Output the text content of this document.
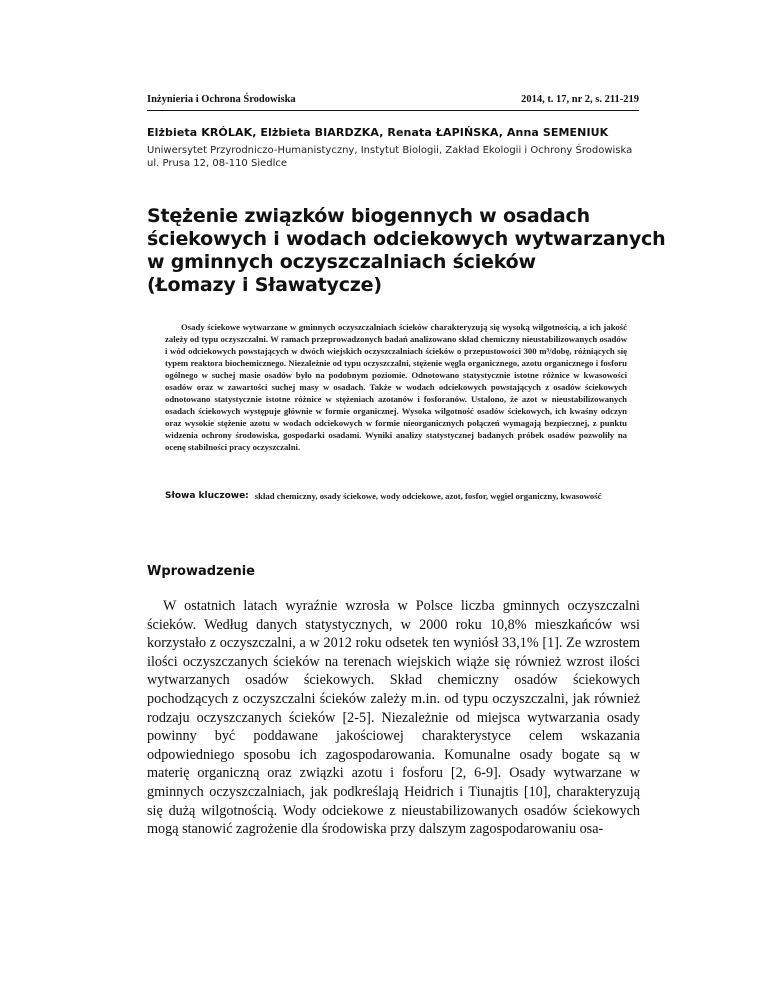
Inżynieria i Ochrona Środowiska	2014, t. 17, nr 2, s. 211-219
Elżbieta KRÓLAK, Elżbieta BIARDZKA, Renata ŁAPIŃSKA, Anna SEMENIUK
Uniwersytet Przyrodniczo-Humanistyczny, Instytut Biologii, Zakład Ekologii i Ochrony Środowiska
ul. Prusa 12, 08-110 Siedlce
Stężenie związków biogennych w osadach
ściekowych i wodach odciekowych wytwarzanych
w gminnych oczyszczalniach ścieków
(Łomazy i Sławatycze)
Osady ściekowe wytwarzane w gminnych oczyszczalniach ścieków charakteryzują się wysoką wilgotnością, a ich jakość zależy od typu oczyszczalni. W ramach przeprowadzonych badań analizowano skład chemiczny nieustabilizowanych osadów i wód odciekowych powstających w dwóch wiejskich oczyszczalniach ścieków o przepustowości 300 m³/dobę, różniących się typem reaktora biochemicznego. Niezależnie od typu oczyszczalni, stężenie węgla organicznego, azotu organicznego i fosforu ogólnego w suchej masie osadów było na podobnym poziomie. Odnotowano statystycznie istotne różnice w kwasowości osadów oraz w zawartości suchej masy w osadach. Także w wodach odciekowych powstających z osadów ściekowych odnotowano statystycznie istotne różnice w stężeniach azotanów i fosforanów. Ustalono, że azot w nieustabilizowanych osadach ściekowych występuje głównie w formie organicznej. Wysoka wilgotność osadów ściekowych, ich kwaśny odczyn oraz wysokie stężenie azotu w wodach odciekowych w formie nieorganicznych połączeń wymagają bezpiecznej, z punktu widzenia ochrony środowiska, gospodarki osadami. Wyniki analizy statystycznej badanych próbek osadów pozwoliły na ocenę stabilności pracy oczyszczalni.
Słowa kluczowe: skład chemiczny, osady ściekowe, wody odciekowe, azot, fosfor, węgiel organiczny, kwasowość
Wprowadzenie
W ostatnich latach wyraźnie wzrosła w Polsce liczba gminnych oczyszczalni ścieków. Według danych statystycznych, w 2000 roku 10,8% mieszkańców wsi korzystało z oczyszczalni, a w 2012 roku odsetek ten wyniósł 33,1% [1]. Ze wzrostem ilości oczyszczanych ścieków na terenach wiejskich wiąże się również wzrost ilości wytwarzanych osadów ściekowych. Skład chemiczny osadów ściekowych pochodzących z oczyszczalni ścieków zależy m.in. od typu oczyszczalni, jak również rodzaju oczyszczanych ścieków [2-5]. Niezależnie od miejsca wytwarzania osady powinny być poddawane jakościowej charakterystyce celem wskazania odpowiedniego sposobu ich zagospodarowania. Komunalne osady bogate są w materię organiczną oraz związki azotu i fosforu [2, 6-9]. Osady wytwarzane w gminnych oczyszczalniach, jak podkreślają Heidrich i Tiunajtis [10], charakteryzują się dużą wilgotnością. Wody odciekowe z nieustabilizowanych osadów ściekowych mogą stanowić zagrożenie dla środowiska przy dalszym zagospodarowaniu osa-
